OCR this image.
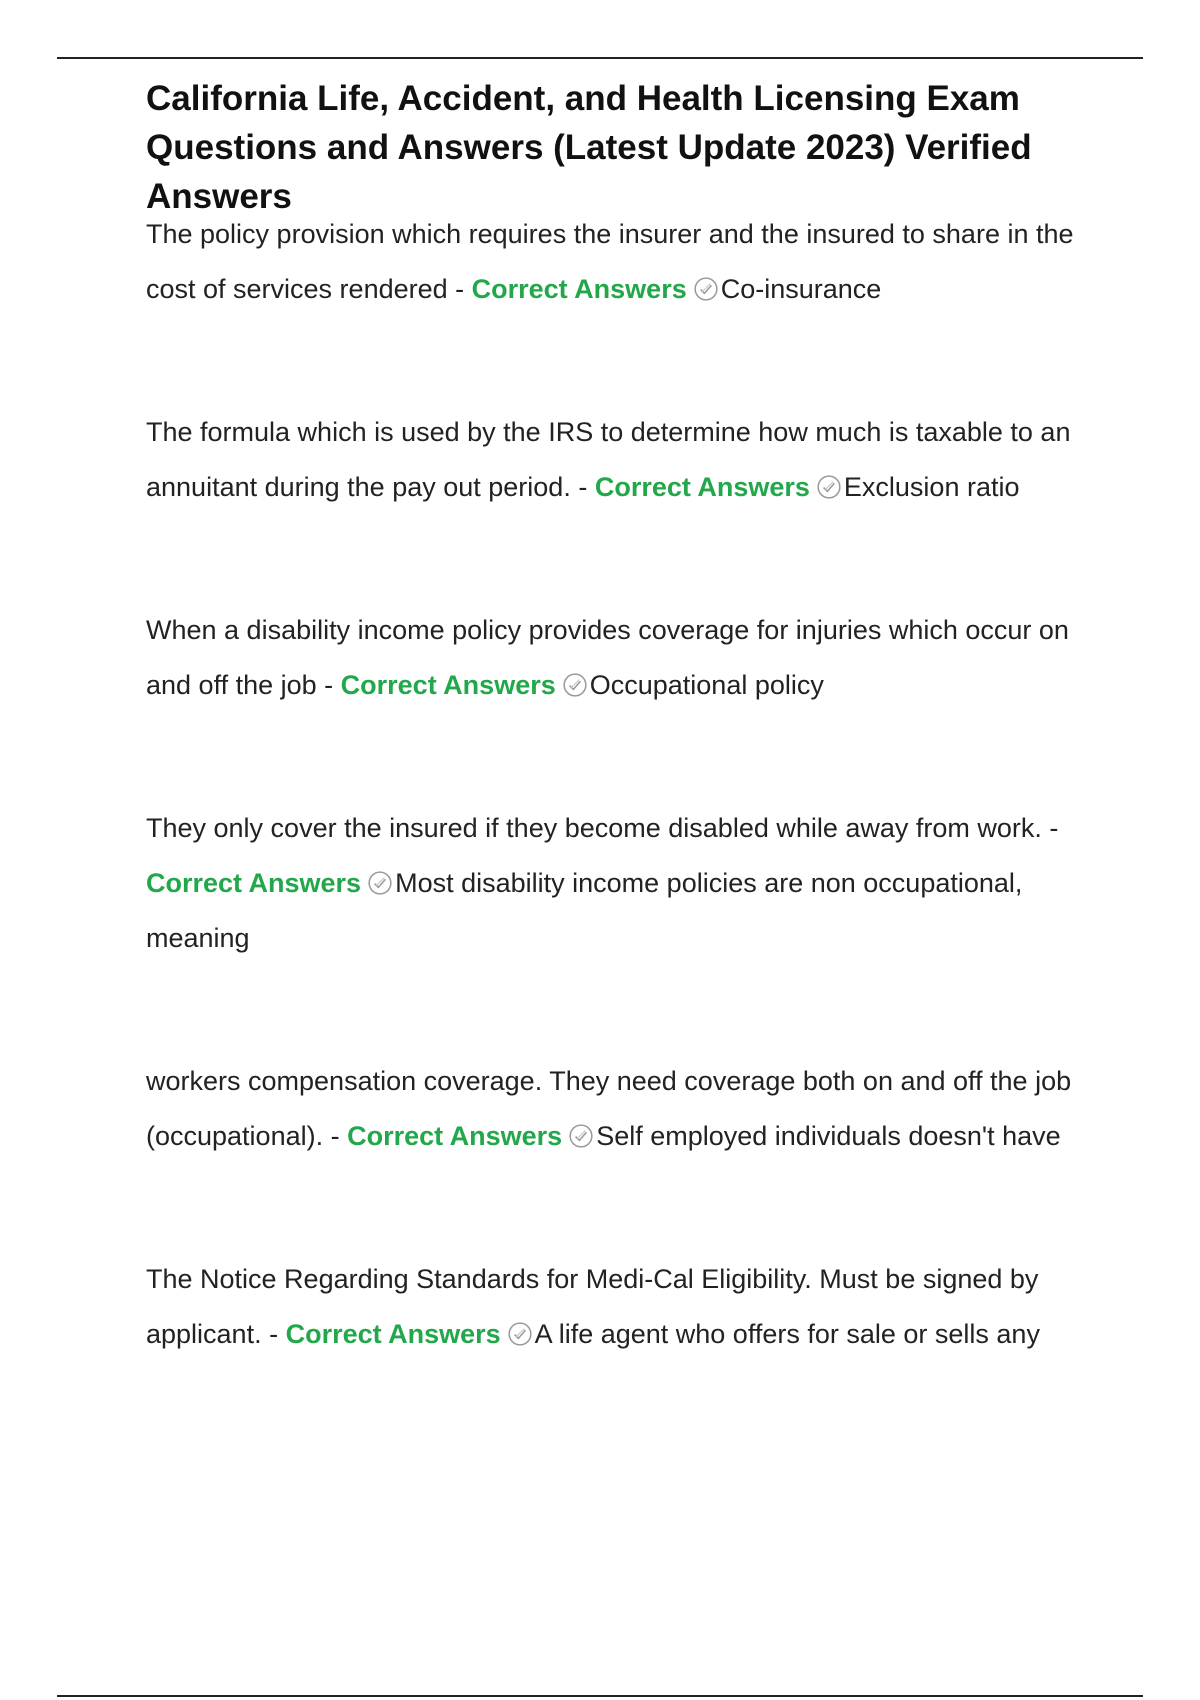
California Life, Accident, and Health Licensing Exam Questions and Answers (Latest Update 2023) Verified Answers

The policy provision which requires the insurer and the insured to share in the cost of services rendered - Correct Answers Co-insurance

The formula which is used by the IRS to determine how much is taxable to an annuitant during the pay out period. - Correct Answers Exclusion ratio

When a disability income policy provides coverage for injuries which occur on and off the job - Correct Answers Occupational policy

They only cover the insured if they become disabled while away from work. - Correct Answers Most disability income policies are non occupational, meaning

workers compensation coverage. They need coverage both on and off the job (occupational). - Correct Answers Self employed individuals doesn't have

The Notice Regarding Standards for Medi-Cal Eligibility. Must be signed by applicant. - Correct Answers A life agent who offers for sale or sells any
